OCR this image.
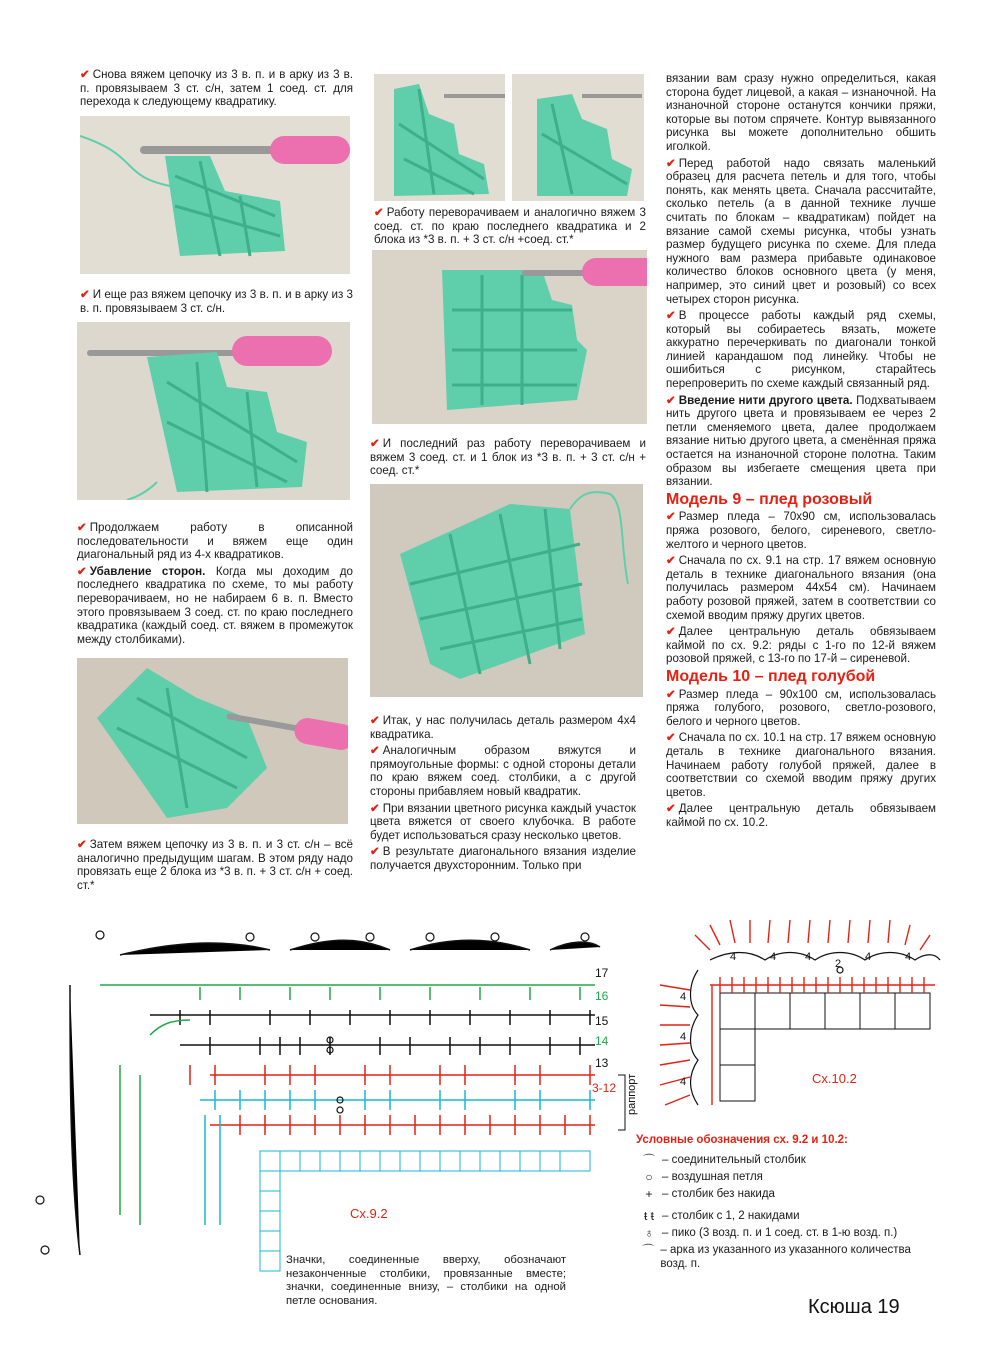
✔ Снова вяжем цепочку из 3 в. п. и в арку из 3 в. п. провязываем 3 ст. с/н, затем 1 соед. ст. для перехода к следующему квадратику.

✔ И еще раз вяжем цепочку из 3 в. п. и в арку из 3 в. п. провязываем 3 ст. с/н.

✔ Продолжаем работу в описанной последовательности и вяжем еще один диагональный ряд из 4-х квадратиков.

✔ Убавление сторон. Когда мы доходим до последнего квадратика по схеме, то мы работу переворачиваем, но не набираем 6 в. п. Вместо этого провязываем 3 соед. ст. по краю последнего квадратика (каждый соед. ст. вяжем в промежуток между столбиками).

✔ Затем вяжем цепочку из 3 в. п. и 3 ст. с/н – всё аналогично предыдущим шагам. В этом ряду надо провязать еще 2 блока из *3 в. п. + 3 ст. с/н + соед. ст.*

✔ Работу переворачиваем и аналогично вяжем 3 соед. ст. по краю последнего квадратика и 2 блока из *3 в. п. + 3 ст. с/н +соед. ст.*

✔ И последний раз работу переворачиваем и вяжем 3 соед. ст. и 1 блок из *3 в. п. + 3 ст. с/н + соед. ст.*

✔ Итак, у нас получилась деталь размером 4х4 квадратика.

✔ Аналогичным образом вяжутся и прямоугольные формы: с одной стороны детали по краю вяжем соед. столбики, а с другой стороны прибавляем новый квадратик.

✔ При вязании цветного рисунка каждый участок цвета вяжется от своего клубочка. В работе будет использоваться сразу несколько цветов.

✔ В результате диагонального вязания изделие получается двухсторонним. Только при

вязании вам сразу нужно определиться, какая сторона будет лицевой, а какая – изнаночной. На изнаночной стороне останутся кончики пряжи, которые вы потом спрячете. Контур вывязанного рисунка вы можете дополнительно обшить иголкой.

✔ Перед работой надо связать маленький образец для расчета петель и для того, чтобы понять, как менять цвета. Сначала рассчитайте, сколько петель (а в данной технике лучше считать по блокам – квадратикам) пойдет на вязание самой схемы рисунка, чтобы узнать размер будущего рисунка по схеме. Для пледа нужного вам размера прибавьте одинаковое количество блоков основного цвета (у меня, например, это синий цвет и розовый) со всех четырех сторон рисунка.

✔ В процессе работы каждый ряд схемы, который вы собираетесь вязать, можете аккуратно перечеркивать по диагонали тонкой линией карандашом под линейку. Чтобы не ошибиться с рисунком, старайтесь перепроверить по схеме каждый связанный ряд.

✔ Введение нити другого цвета. Подхватываем нить другого цвета и провязываем ее через 2 петли сменяемого цвета, далее продолжаем вязание нитью другого цвета, а сменённая пряжа остается на изнаночной стороне полотна. Таким образом вы избегаете смещения цвета при вязании.

Модель 9 – плед розовый

✔ Размер пледа – 70х90 см, использовалась пряжа розового, белого, сиреневого, светло-желтого и черного цветов.

✔ Сначала по сх. 9.1 на стр. 17 вяжем основную деталь в технике диагонального вязания (она получилась размером 44х54 см). Начинаем работу розовой пряжей, затем в соответствии со схемой вводим пряжу других цветов.

✔ Далее центральную деталь обвязываем каймой по сх. 9.2: ряды с 1-го по 12-й вяжем розовой пряжей, с 13-го по 17-й – сиреневой.

Модель 10 – плед голубой

✔ Размер пледа – 90х100 см, использовалась пряжа голубого, розового, светло-розового, белого и черного цветов.

✔ Сначала по сх. 10.1 на стр. 17 вяжем основную деталь в технике диагонального вязания. Начинаем работу голубой пряжей, далее в соответствии со схемой вводим пряжу других цветов.

✔ Далее центральную деталь обвязываем каймой по сх. 10.2.

17
16
15
14
13
3-12 раппорт
Сх.9.2

Значки, соединенные вверху, обозначают незаконченные столбики, провязанные вместе; значки, соединенные внизу, – столбики на одной петле основания.

4	4	4
2
4	4
4
4
4	Сх.10.2
Условные обозначения сх. 9.2 и 10.2:
⌒ – соединительный столбик
○ – воздушная петля
+ – столбик без накида
ŧ ŧ – столбик с 1, 2 накидами
♁ – пико (3 возд. п. и 1 соед. ст. в 1-ю возд. п.)
⌒ – арка из указанного из указанного количества возд. п.
Ксюша 19
